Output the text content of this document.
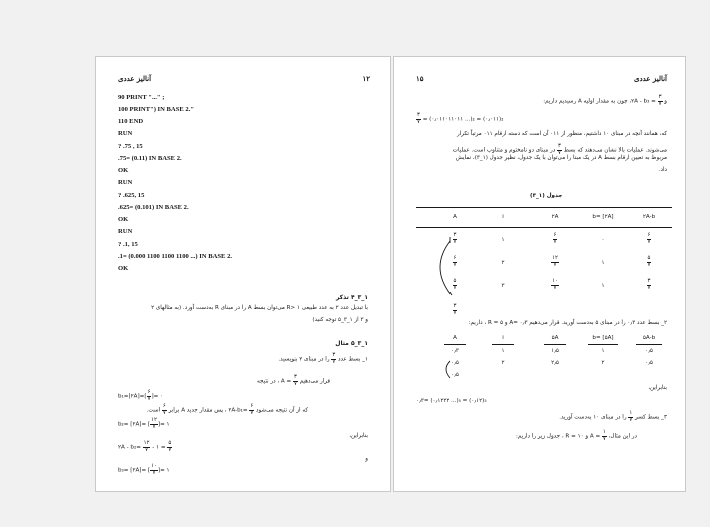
آنالیز عددی	۱۲
90 PRINT "..." ;
100 PRINT") IN BASE 2."
110 END
RUN
? .75 , 15
.75= (0.11) IN BASE 2.
OK
RUN
? .625, 15
.625= (0.101) IN BASE 2.
OK
RUN
? .1, 15
.1= (0.000 1100 1100 1100 ...) IN BASE 2.
OK
۱_۳_۴ تذکر
با تبدیل عدد ۲ به عدد طبیعی R> ۱ می‌توان بسط A را در مبنای R به‌دست آورد. (به مثالهای ۲
و ۳ از ۱_۳_۵ توجه کنید)
۱_۳_۵ مثال
۱_ بسط عدد
$\frac{۳}{۷}$
را در مبنای ۲ بنویسید.
قرار می‌دهیم
$\frac{۳}{۷}$
= A ، در نتیجه
b₁=[۲A]=[ $\frac{۶}{۷}$ ]= ۰
که از آن نتیجه می‌شود
$\frac{۶}{۷}$
=۲A-b₁ ، پس مقدار جدید A برابر
$\frac{۶}{۷}$
است.
b₂= [۲A]= [ $\frac{۱۲}{۷}$ ]= ۱
بنابراین،
۲A - $b_2= \frac{۱۲}{۷}$ - ۱ = $\frac{۵}{۷}$
و
b₃= [۲A]= [ $\frac{۱۰}{۷}$ ]= ۱
۱۵	آنالیز عددی
و
$\frac{۳}{۷}$
= ۲A - b₃، چون به مقدار اولیه A رسیدیم داریم:
$\frac{۳}{۷}$ = (۰٫۰۱۱۰۱۱۰۱۱ ...)₂ = (۰٫۰۱۱)₂
که، همانند آنچه در مبنای ۱۰ داشتیم، منظور از ۰۱۱ آن است که دسته ارقام ۰۱۱ مرتباً تکرار
می‌شوند. عملیات بالا نشان می‌دهند که بسط
$\frac{۳}{۷}$
در مبنای دو نامختوم و متناوب است. عملیات
مربوط به تعیین ارقام بسط A در یک مبنا را می‌توان با یک جدول، نظیر جدول (۱_۳)، نمایش
داد.
جدول (۱_۳)
A	i	۲A	b= [۲A]	۲A-b
$\frac{۳}{۷}$	۱	$\frac{۶}{۷}$	۰	$\frac{۶}{۷}$
$\frac{۶}{۷}$	۲	$\frac{۱۲}{۷}$	۱	$\frac{۵}{۷}$
$\frac{۵}{۷}$	۳	$\frac{۱۰}{۷}$	۱	$\frac{۳}{۷}$
$\frac{۳}{۷}$
۲_ بسط عدد ۰٫۳ را در مبنای ۵ به‌دست آورید. قرار می‌دهیم ۰٫۳ =A و ۵ = R ، داریم:
A	i	۵A	b= [۵A]	۵A-b
۰٫۳	۱	۱٫۵	۱	۰٫۵
۰٫۵	۲	۲٫۵	۲	۰٫۵
۰٫۵
بنابراین،
۰٫۳= (۰٫۱۲۲۲ ...)₅ = (۰٫۱۲)₅
۳_ بسط کسر
$\frac{۱}{۷}$
را در مبنای ۱۰ به‌دست آورید.
در این مثال،
$\frac{۱}{۷}$
= A و ۱۰ = R ، جدول زیر را داریم:
